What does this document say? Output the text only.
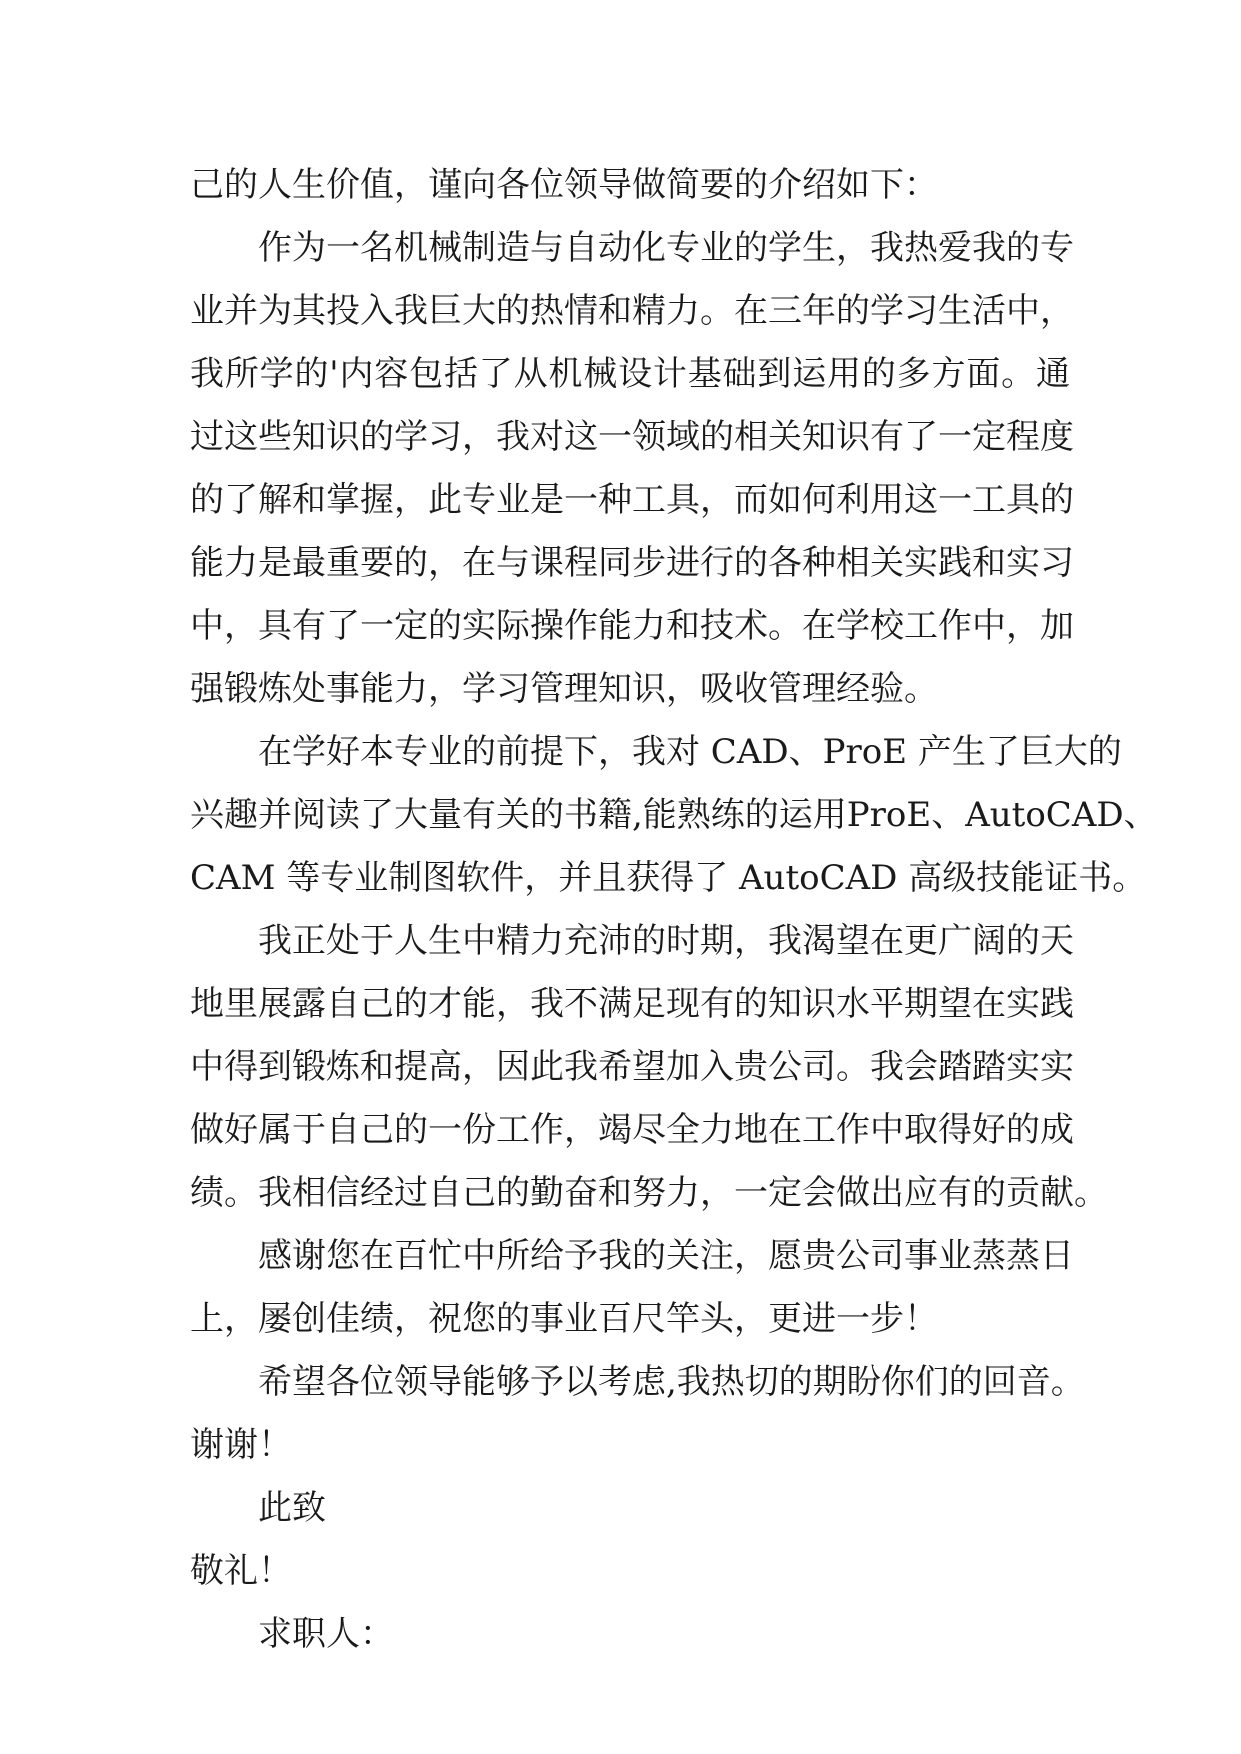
己的人生价值，谨向各位领导做简要的介绍如下：
作为一名机械制造与自动化专业的学生，我热爱我的专
业并为其投入我巨大的热情和精力。在三年的学习生活中，
我所学的'内容包括了从机械设计基础到运用的多方面。通
过这些知识的学习，我对这一领域的相关知识有了一定程度
的了解和掌握，此专业是一种工具，而如何利用这一工具的
能力是最重要的，在与课程同步进行的各种相关实践和实习
中，具有了一定的实际操作能力和技术。在学校工作中，加
强锻炼处事能力，学习管理知识，吸收管理经验。
在学好本专业的前提下，我对 CAD、ProE 产生了巨大的
兴趣并阅读了大量有关的书籍,能熟练的运用ProE、AutoCAD、
CAM 等专业制图软件，并且获得了 AutoCAD 高级技能证书。
我正处于人生中精力充沛的时期，我渴望在更广阔的天
地里展露自己的才能，我不满足现有的知识水平期望在实践
中得到锻炼和提高，因此我希望加入贵公司。我会踏踏实实
做好属于自己的一份工作，竭尽全力地在工作中取得好的成
绩。我相信经过自己的勤奋和努力，一定会做出应有的贡献。
感谢您在百忙中所给予我的关注，愿贵公司事业蒸蒸日
上，屡创佳绩，祝您的事业百尺竿头，更进一步！
希望各位领导能够予以考虑,我热切的期盼你们的回音。
谢谢！
此致
敬礼！
求职人：
